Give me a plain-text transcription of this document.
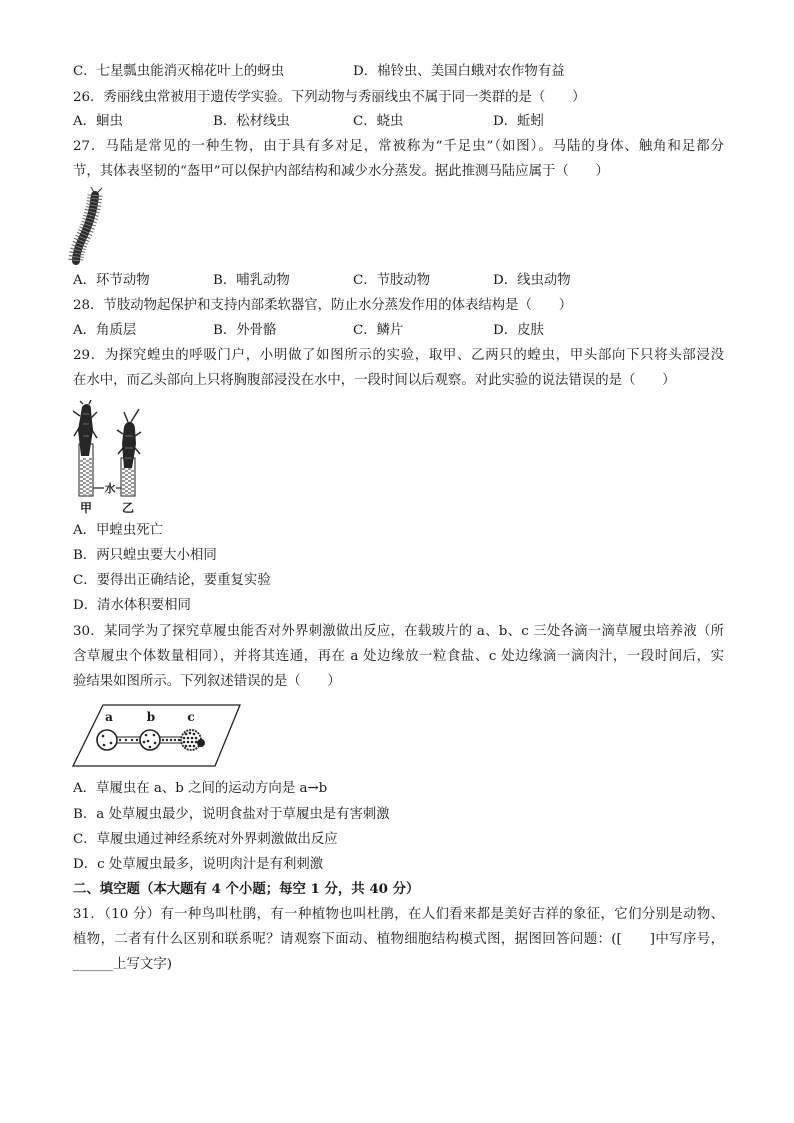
C．七星瓢虫能消灭棉花叶上的蚜虫	D．棉铃虫、美国白蛾对农作物有益
26．秀丽线虫常被用于遗传学实验。下列动物与秀丽线虫不属于同一类群的是（　　）
A．蛔虫	B．松材线虫	C．蛲虫	D．蚯蚓
27．马陆是常见的一种生物，由于具有多对足，常被称为“千足虫”（如图）。马陆的身体、触角和足都分
节，其体表坚韧的“盔甲”可以保护内部结构和减少水分蒸发。据此推测马陆应属于（　　）
A．环节动物	B．哺乳动物	C．节肢动物	D．线虫动物
28．节肢动物起保护和支持内部柔软器官，防止水分蒸发作用的体表结构是（　　）
A．角质层	B．外骨骼	C．鳞片	D．皮肤
29．为探究蝗虫的呼吸门户，小明做了如图所示的实验，取甲、乙两只的蝗虫，甲头部向下只将头部浸没
在水中，而乙头部向上只将胸腹部浸没在水中，一段时间以后观察。对此实验的说法错误的是（　　）
水
甲 乙
A．甲蝗虫死亡
B．两只蝗虫要大小相同
C．要得出正确结论，要重复实验
D．清水体积要相同
30．某同学为了探究草履虫能否对外界刺激做出反应，在载玻片的 a、b、c 三处各滴一滴草履虫培养液（所
含草履虫个体数量相同），并将其连通，再在 a 处边缘放一粒食盐、c 处边缘滴一滴肉汁，一段时间后，实
验结果如图所示。下列叙述错误的是（　　）
a	b	c
A．草履虫在 a、b 之间的运动方向是 a→b
B．a 处草履虫最少，说明食盐对于草履虫是有害刺激
C．草履虫通过神经系统对外界刺激做出反应
D．c 处草履虫最多，说明肉汁是有利刺激
二、填空题（本大题有 4 个小题；每空 1 分，共 40 分）
31．（10 分）有一种鸟叫杜鹃，有一种植物也叫杜鹃，在人们看来都是美好吉祥的象征，它们分别是动物、
植物，二者有什么区别和联系呢？请观察下面动、植物细胞结构模式图，据图回答问题：([　　]中写序号，
______上写文字)
